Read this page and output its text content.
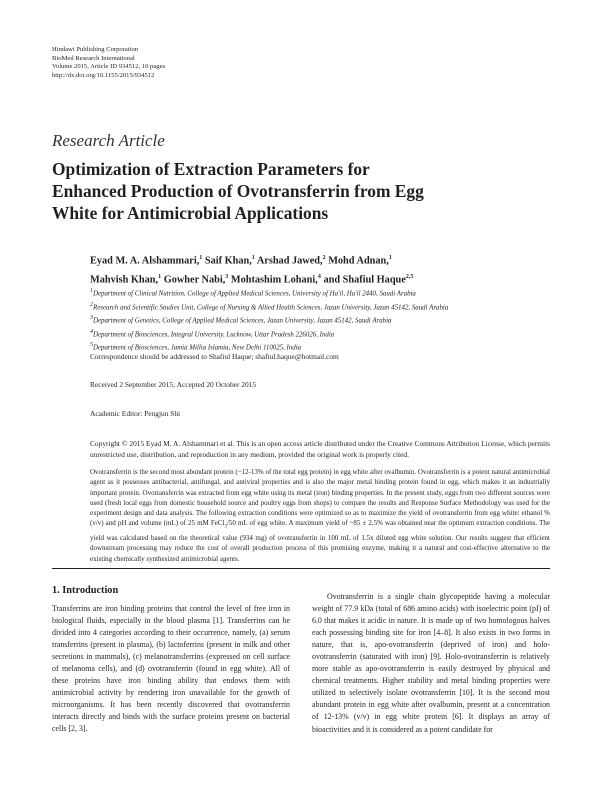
Hindawi Publishing Corporation
BioMed Research International
Volume 2015, Article ID 934512, 10 pages
http://dx.doi.org/10.1155/2015/934512
Research Article
Optimization of Extraction Parameters for
Enhanced Production of Ovotransferrin from Egg
White for Antimicrobial Applications
Eyad M. A. Alshammari,$^1$ Saif Khan,$^1$ Arshad Jawed,$^2$ Mohd Adnan,$^1$
Mahvish Khan,$^1$ Gowher Nabi,$^3$ Mohtashim Lohani,$^4$ and Shafiul Haque$^{2,5}$
$^1$Department of Clinical Nutrition, College of Applied Medical Sciences, University of Ha'il, Ha'il 2440, Saudi Arabia
$^2$Research and Scientific Studies Unit, College of Nursing & Allied Health Sciences, Jazan University, Jazan 45142, Saudi Arabia
$^3$Department of Genetics, College of Applied Medical Sciences, Jazan University, Jazan 45142, Saudi Arabia
$^4$Department of Biosciences, Integral University, Lucknow, Uttar Pradesh 226026, India
$^5$Department of Biosciences, Jamia Millia Islamia, New Delhi 110025, India
Correspondence should be addressed to Shafiul Haque; shafiul.haque@hotmail.com
Received 2 September 2015; Accepted 20 October 2015
Academic Editor: Pengjun Shi
Copyright © 2015 Eyad M. A. Alshammari et al. This is an open access article distributed under the Creative Commons Attribution License, which permits unrestricted use, distribution, and reproduction in any medium, provided the original work is properly cited.
Ovotransferrin is the second most abundant protein (~12-13% of the total egg protein) in egg white after ovalbumin. Ovotransferrin is a potent natural antimicrobial agent as it possesses antibacterial, antifungal, and antiviral properties and is also the major metal binding protein found in egg, which makes it an industrially important protein. Ovotransferrin was extracted from egg white using its metal (iron) binding properties. In the present study, eggs from two different sources were used (fresh local eggs from domestic household source and poultry eggs from shops) to compare the results and Response Surface Methodology was used for the experiment design and data analysis. The following extraction conditions were optimized so as to maximize the yield of ovotransferrin from egg white: ethanol % (v/v) and pH and volume (mL) of 25 mM FeCl$_3$/50 mL of egg white. A maximum yield of ~85 ± 2.5% was obtained near the optimum extraction conditions. The yield was calculated based on the theoretical value (934 mg) of ovotransferrin in 100 mL of 1.5x diluted egg white solution. Our results suggest that efficient downstream processing may reduce the cost of overall production process of this promising enzyme, making it a natural and cost-effective alternative to the existing chemically synthesized antimicrobial agents.
1. Introduction
Transferrins are iron binding proteins that control the level of free iron in biological fluids, especially in the blood plasma [1]. Transferrins can be divided into 4 categories according to their occurrence, namely, (a) serum transferrins (present in plasma), (b) lactoferrins (present in milk and other secretions in mammals), (c) melanotransferrins (expressed on cell surface of melanoma cells), and (d) ovotransferrin (found in egg white). All of these proteins have iron binding ability that endows them with antimicrobial activity by rendering iron unavailable for the growth of microorganisms. It has been recently discovered that ovotransferrin interacts directly and binds with the surface proteins present on bacterial cells [2, 3].
Ovotransferrin is a single chain glycopeptide having a molecular weight of 77.9 kDa (total of 686 amino acids) with isoelectric point (pI) of 6.0 that makes it acidic in nature. It is made up of two homologous halves each possessing binding site for iron [4–8]. It also exists in two forms in nature, that is, apo-ovotransferrin (deprived of iron) and holo-ovotransferrin (saturated with iron) [9]. Holo-ovotransferrin is relatively more stable as apo-ovotransferrin is easily destroyed by physical and chemical treatments. Higher stability and metal binding properties were utilized to selectively isolate ovotransferrin [10]. It is the second most abundant protein in egg white after ovalbumin, present at a concentration of 12-13% (v/v) in egg white protein [6]. It displays an array of bioactivities and it is considered as a potent candidate for
